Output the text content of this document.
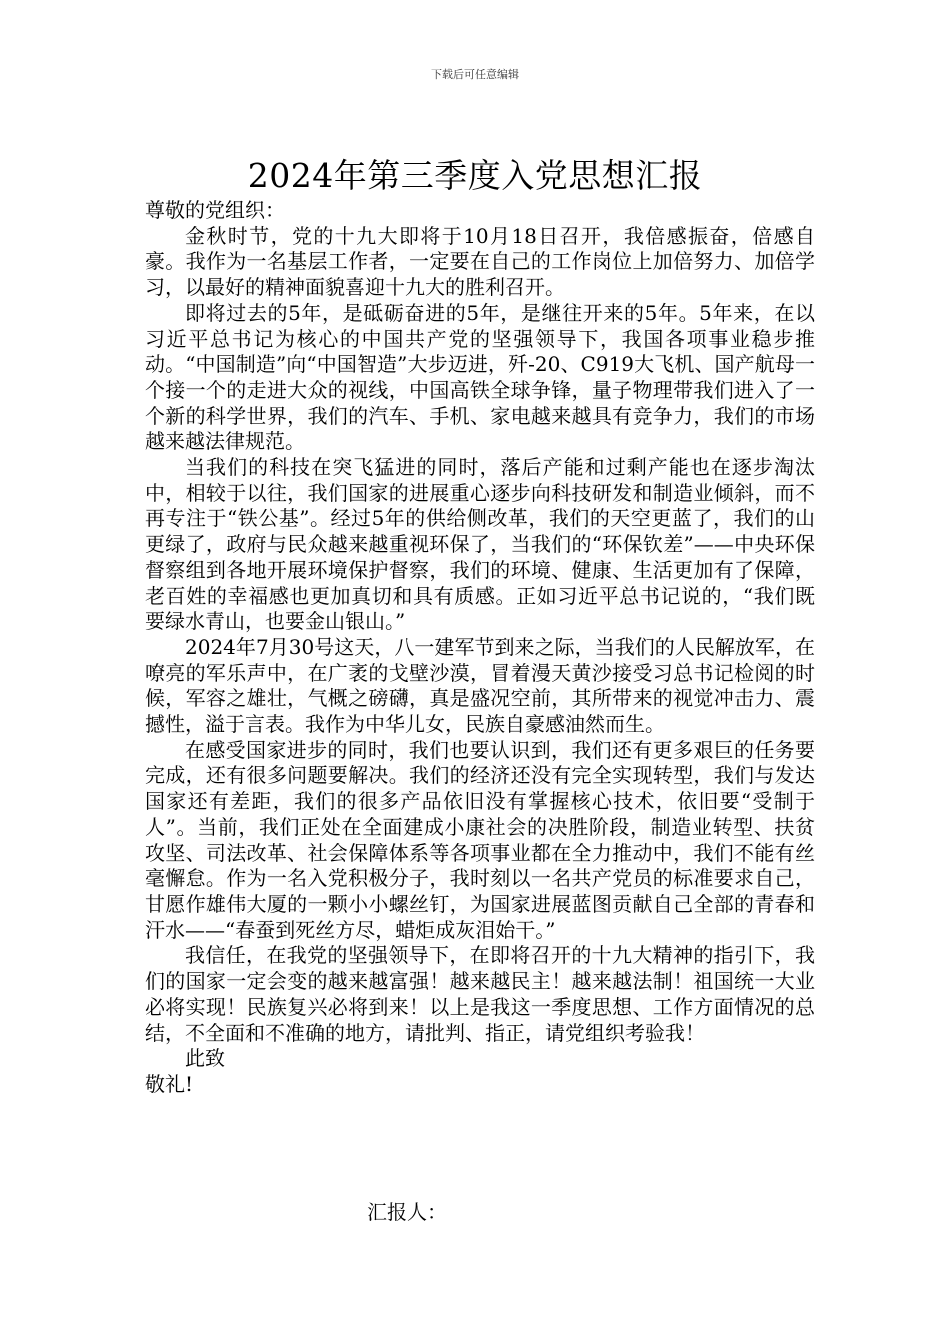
下载后可任意编辑
2024年第三季度入党思想汇报

尊敬的党组织：

金秋时节，党的十九大即将于10月18日召开，我倍感振奋，倍感自豪。我作为一名基层工作者，一定要在自己的工作岗位上加倍努力、加倍学习，以最好的精神面貌喜迎十九大的胜利召开。

即将过去的5年，是砥砺奋进的5年，是继往开来的5年。5年来，在以习近平总书记为核心的中国共产党的坚强领导下，我国各项事业稳步推动。“中国制造”向“中国智造”大步迈进，歼-20、C919大飞机、国产航母一个接一个的走进大众的视线，中国高铁全球争锋，量子物理带我们进入了一个新的科学世界，我们的汽车、手机、家电越来越具有竞争力，我们的市场越来越法律规范。

当我们的科技在突飞猛进的同时，落后产能和过剩产能也在逐步淘汰中，相较于以往，我们国家的进展重心逐步向科技研发和制造业倾斜，而不再专注于“铁公基”。经过5年的供给侧改革，我们的天空更蓝了，我们的山更绿了，政府与民众越来越重视环保了，当我们的“环保钦差”——中央环保督察组到各地开展环境保护督察，我们的环境、健康、生活更加有了保障，老百姓的幸福感也更加真切和具有质感。正如习近平总书记说的，“我们既要绿水青山，也要金山银山。”

2024年7月30号这天，八一建军节到来之际，当我们的人民解放军，在嘹亮的军乐声中，在广袤的戈壁沙漠，冒着漫天黄沙接受习总书记检阅的时候，军容之雄壮，气概之磅礴，真是盛况空前，其所带来的视觉冲击力、震撼性，溢于言表。我作为中华儿女，民族自豪感油然而生。

在感受国家进步的同时，我们也要认识到，我们还有更多艰巨的任务要完成，还有很多问题要解决。我们的经济还没有完全实现转型，我们与发达国家还有差距，我们的很多产品依旧没有掌握核心技术，依旧要“受制于人”。当前，我们正处在全面建成小康社会的决胜阶段，制造业转型、扶贫攻坚、司法改革、社会保障体系等各项事业都在全力推动中，我们不能有丝毫懈怠。作为一名入党积极分子，我时刻以一名共产党员的标准要求自己，甘愿作雄伟大厦的一颗小小螺丝钉，为国家进展蓝图贡献自己全部的青春和汗水——“春蚕到死丝方尽，蜡炬成灰泪始干。”

我信任，在我党的坚强领导下，在即将召开的十九大精神的指引下，我们的国家一定会变的越来越富强！越来越民主！越来越法制！祖国统一大业必将实现！民族复兴必将到来！以上是我这一季度思想、工作方面情况的总结，不全面和不准确的地方，请批判、指正，请党组织考验我！

此致

敬礼!

汇报人：
